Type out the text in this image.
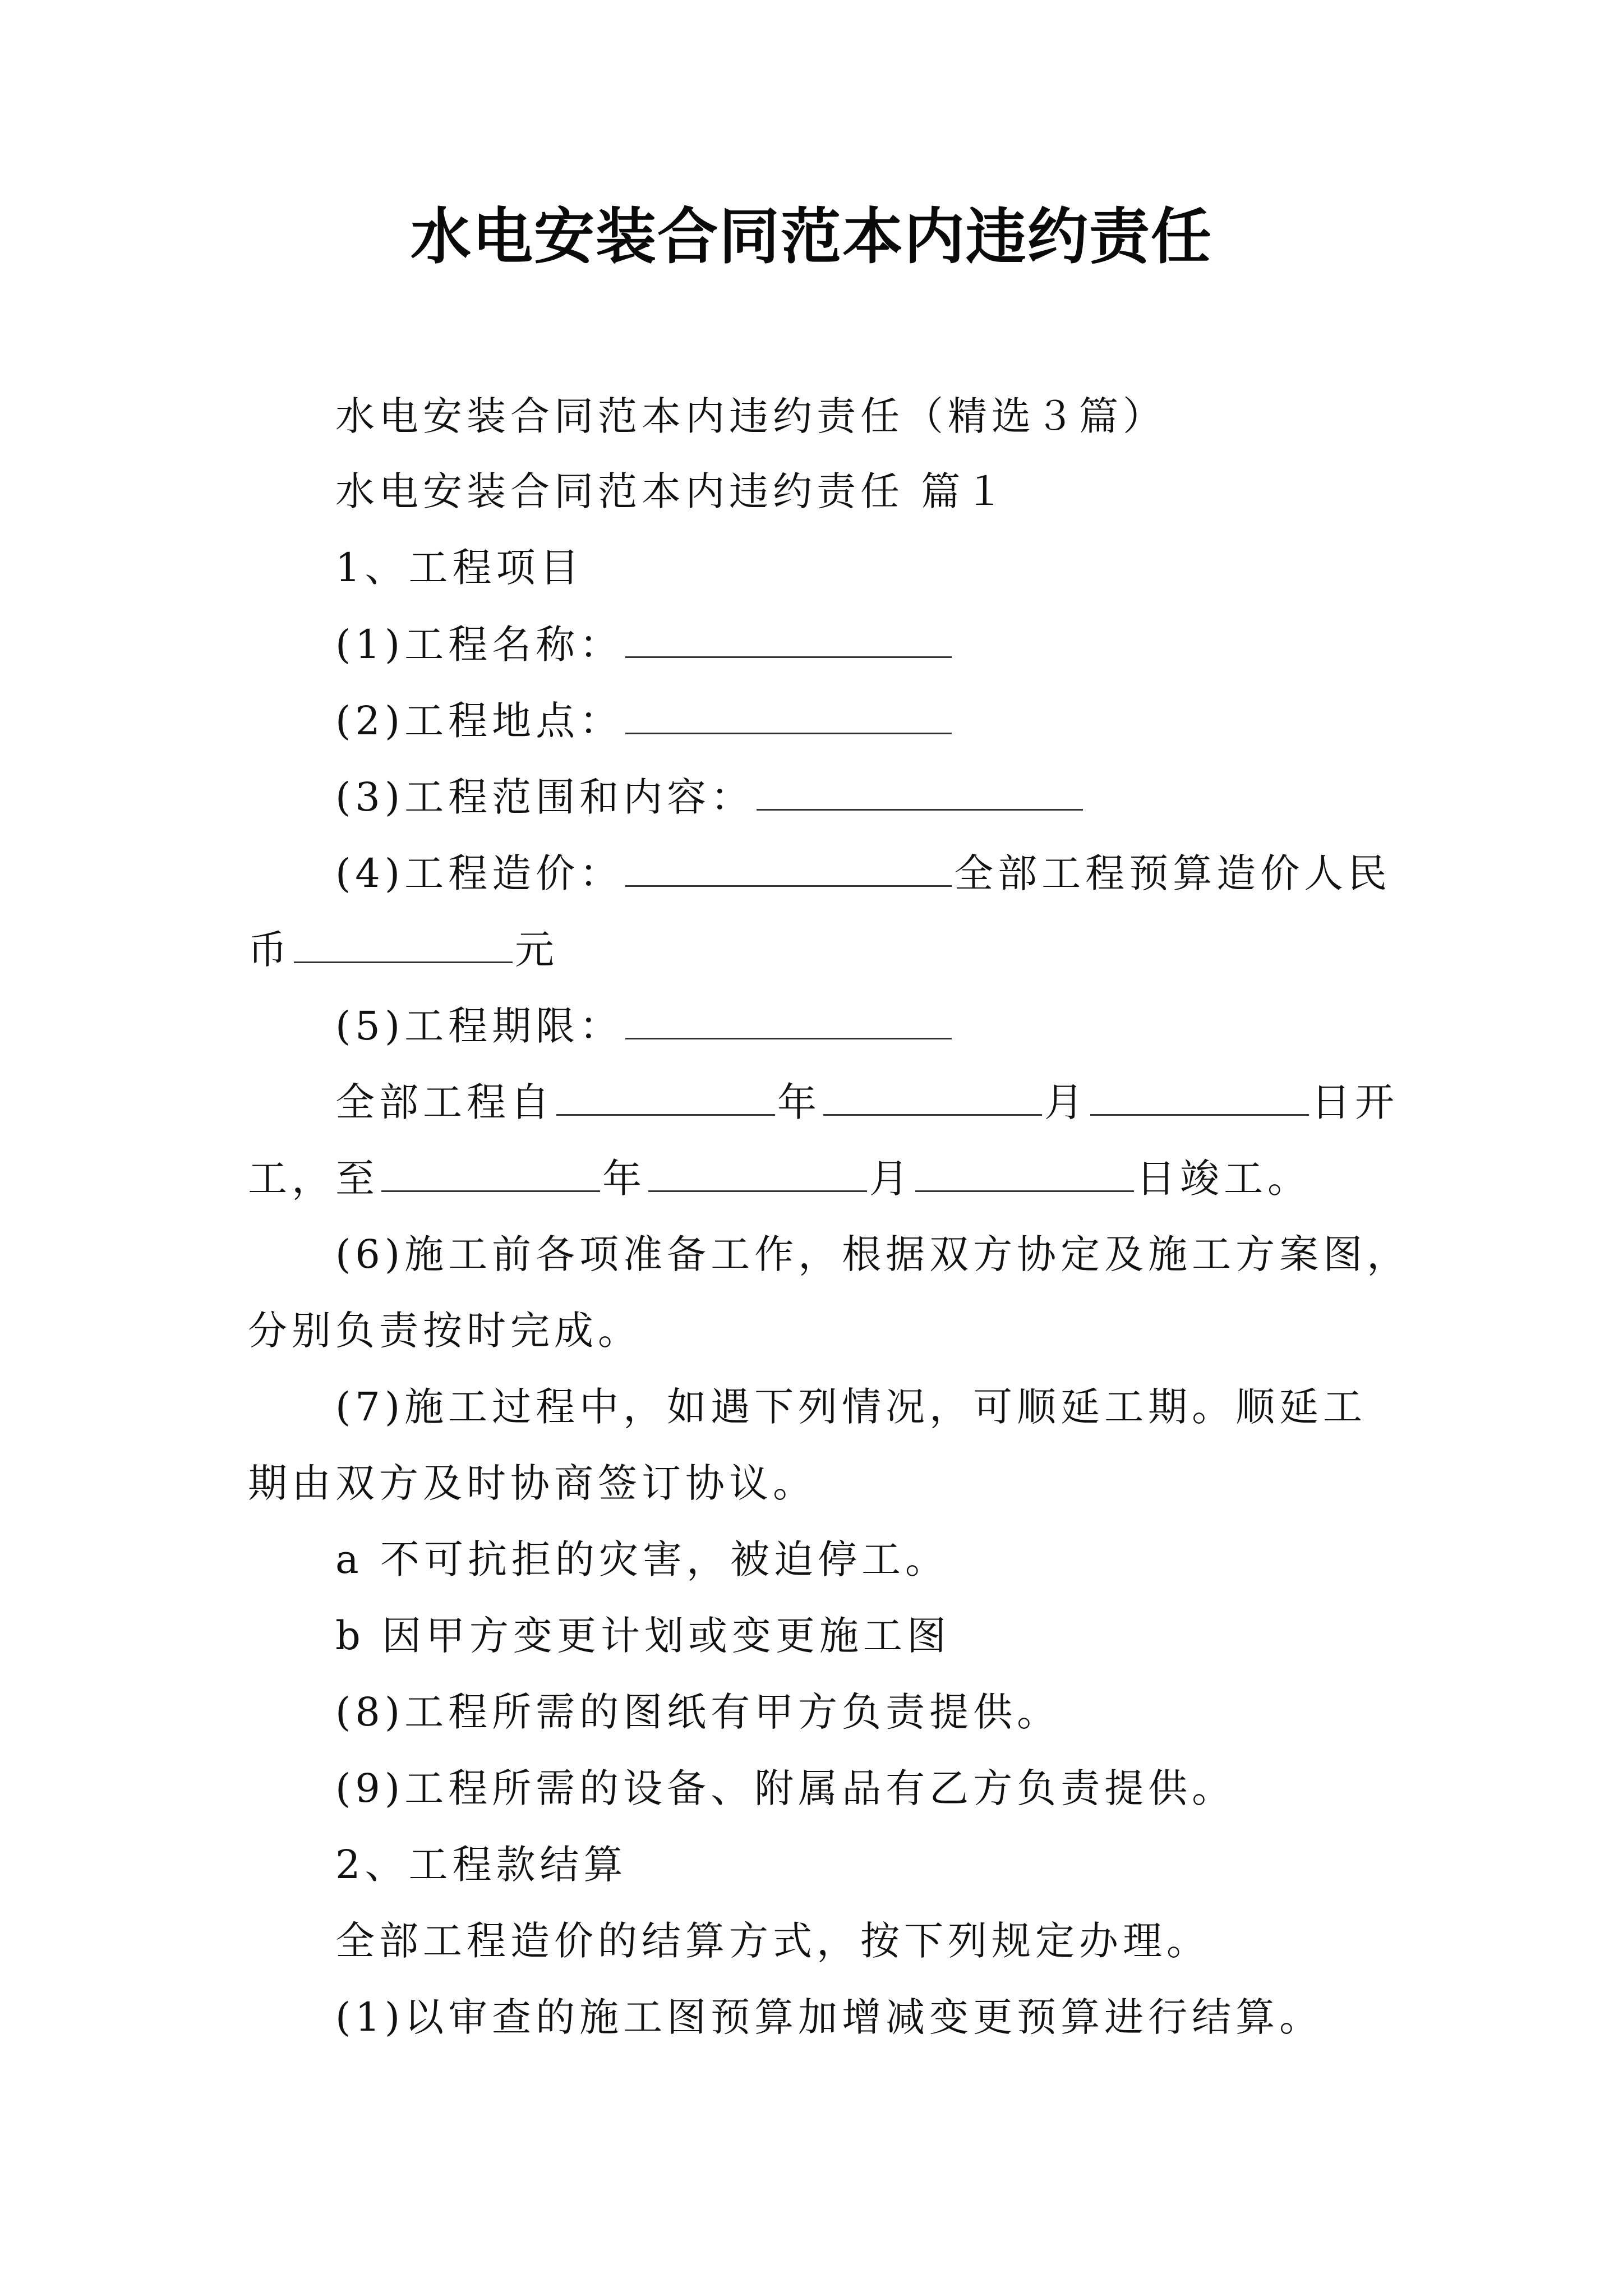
水电安装合同范本内违约责任
水电安装合同范本内违约责任（精选３篇）
水电安装合同范本内违约责任 篇１
1、工程项目
(1)工程名称：
(2)工程地点：
(3)工程范围和内容：
(4)工程造价：	全部工程预算造价人民
币	元
(5)工程期限：
全部工程自	年	月	日开
工，至	年	月	日竣工。
(6)施工前各项准备工作，根据双方协定及施工方案图，
分别负责按时完成。
(7)施工过程中，如遇下列情况，可顺延工期。顺延工
期由双方及时协商签订协议。
a 不可抗拒的灾害，被迫停工。
b 因甲方变更计划或变更施工图
(8)工程所需的图纸有甲方负责提供。
(9)工程所需的设备、附属品有乙方负责提供。
2、工程款结算
全部工程造价的结算方式，按下列规定办理。
(1)以审查的施工图预算加增减变更预算进行结算。
